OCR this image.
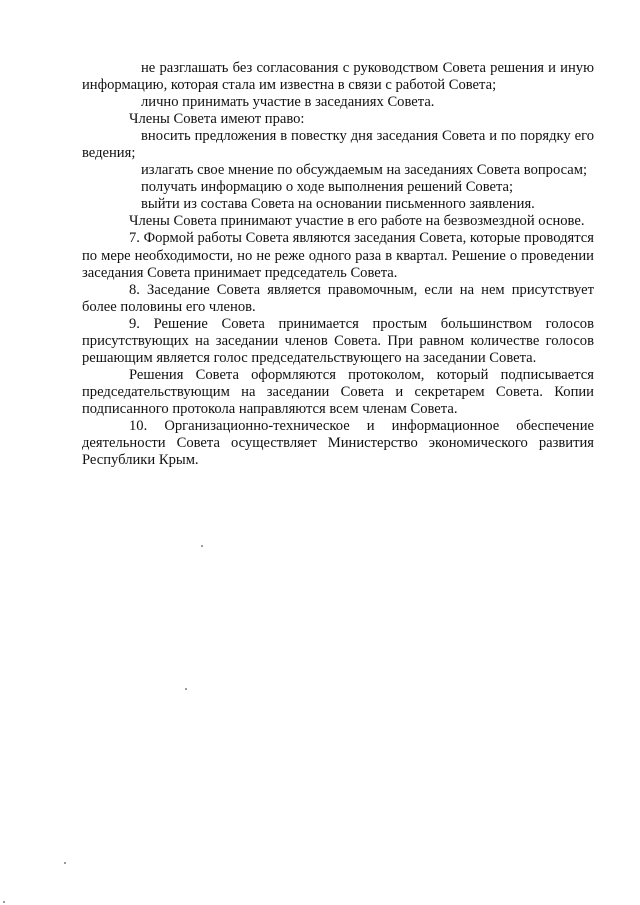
не разглашать без согласования с руководством Совета решения и иную информацию, которая стала им известна в связи с работой Совета;

лично принимать участие в заседаниях Совета.

Члены Совета имеют право:

вносить предложения в повестку дня заседания Совета и по порядку его ведения;

излагать свое мнение по обсуждаемым на заседаниях Совета вопросам;

получать информацию о ходе выполнения решений Совета;

выйти из состава Совета на основании письменного заявления.

Члены Совета принимают участие в его работе на безвозмездной основе.

7. Формой работы Совета являются заседания Совета, которые проводятся по мере необходимости, но не реже одного раза в квартал. Решение о проведении заседания Совета принимает председатель Совета.

8. Заседание Совета является правомочным, если на нем присутствует более половины его членов.

9. Решение Совета принимается простым большинством голосов присутствующих на заседании членов Совета. При равном количестве голосов решающим является голос председательствующего на заседании Совета.

Решения Совета оформляются протоколом, который подписывается председательствующим на заседании Совета и секретарем Совета. Копии подписанного протокола направляются всем членам Совета.

10. Организационно-техническое и информационное обеспечение деятельности Совета осуществляет Министерство экономического развития Республики Крым.
